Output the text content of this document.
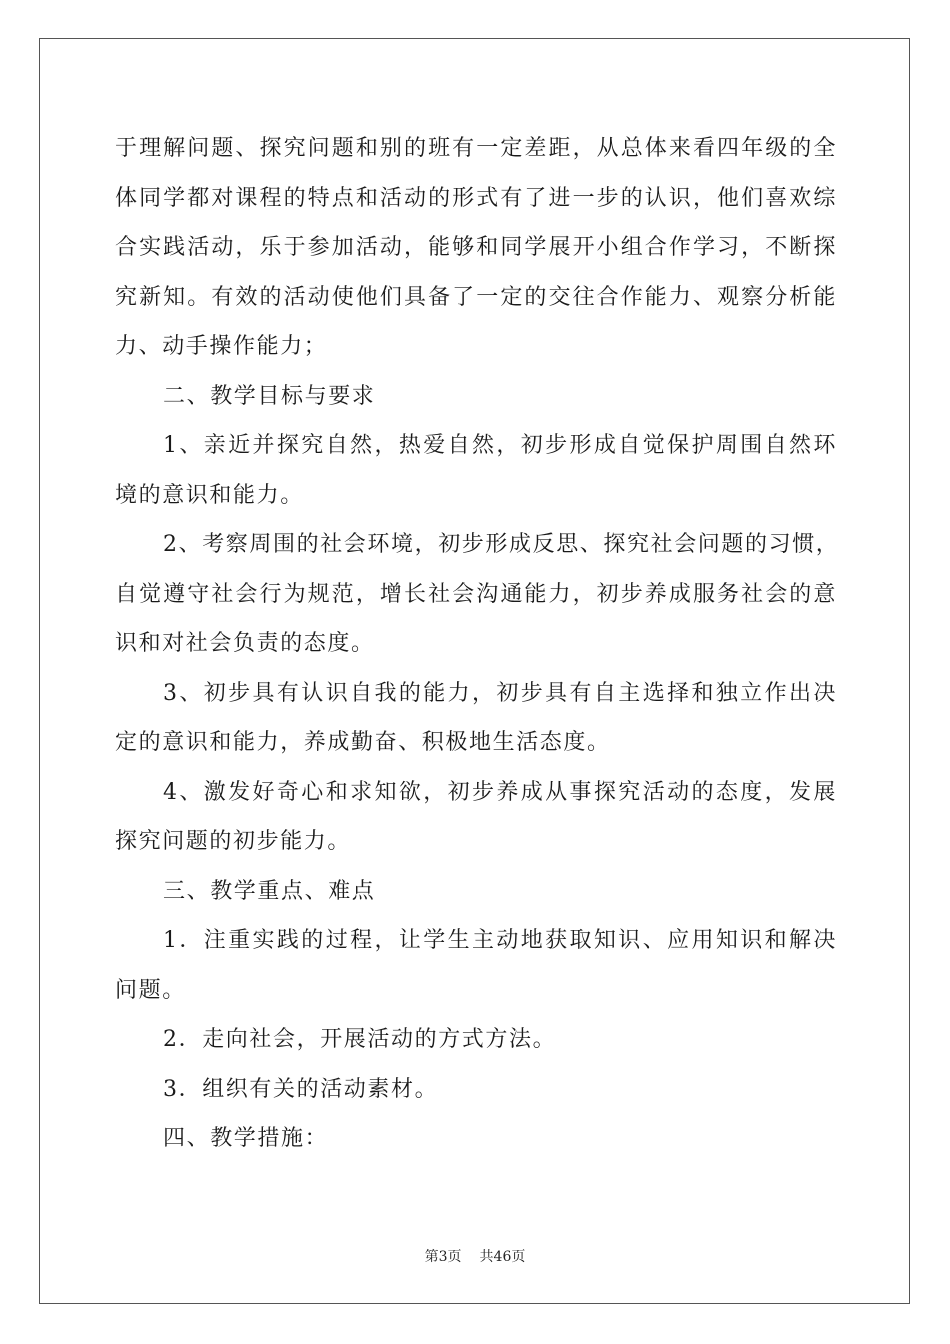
于理解问题、探究问题和别的班有一定差距，从总体来看四年级的全
体同学都对课程的特点和活动的形式有了进一步的认识，他们喜欢综
合实践活动，乐于参加活动，能够和同学展开小组合作学习，不断探
究新知。有效的活动使他们具备了一定的交往合作能力、观察分析能
力、动手操作能力；
二、教学目标与要求
1、亲近并探究自然，热爱自然，初步形成自觉保护周围自然环
境的意识和能力。
2、考察周围的社会环境，初步形成反思、探究社会问题的习惯，
自觉遵守社会行为规范，增长社会沟通能力，初步养成服务社会的意
识和对社会负责的态度。
3、初步具有认识自我的能力，初步具有自主选择和独立作出决
定的意识和能力，养成勤奋、积极地生活态度。
4、激发好奇心和求知欲，初步养成从事探究活动的态度，发展
探究问题的初步能力。
三、教学重点、难点
1．注重实践的过程，让学生主动地获取知识、应用知识和解决
问题。
2．走向社会，开展活动的方式方法。
3．组织有关的活动素材。
四、教学措施：
第3页 共46页
